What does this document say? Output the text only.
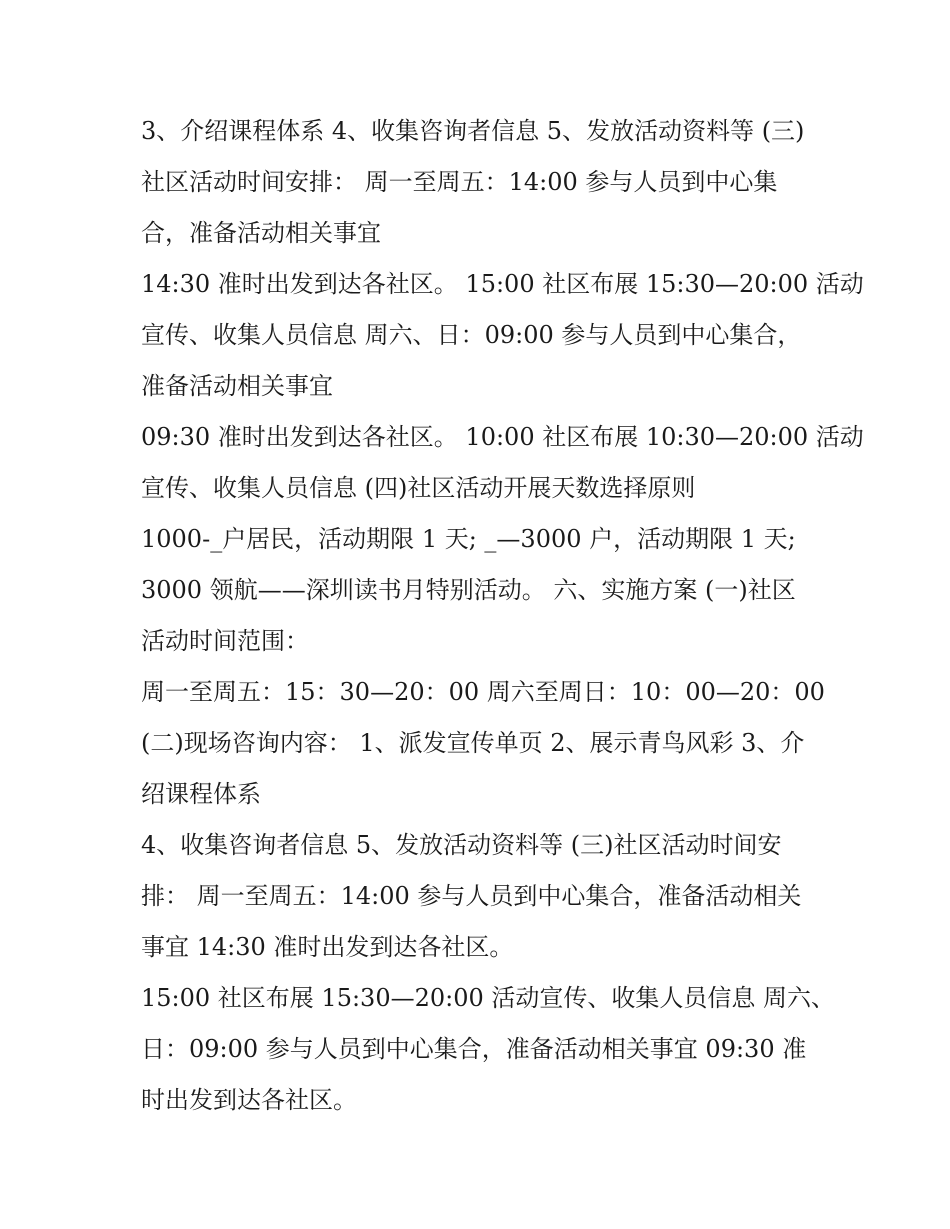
3、介绍课程体系 4、收集咨询者信息 5、发放活动资料等 (三)
社区活动时间安排： 周一至周五：14:00 参与人员到中心集
合，准备活动相关事宜
14:30 准时出发到达各社区。 15:00 社区布展 15:30—20:00 活动
宣传、收集人员信息 周六、日：09:00 参与人员到中心集合，
准备活动相关事宜
09:30 准时出发到达各社区。 10:00 社区布展 10:30—20:00 活动
宣传、收集人员信息 (四)社区活动开展天数选择原则
1000-_户居民，活动期限 1 天; _—3000 户，活动期限 1 天;
3000 领航——深圳读书月特别活动。 六、实施方案 (一)社区
活动时间范围：
周一至周五：15：30—20：00 周六至周日：10：00—20：00
(二)现场咨询内容： 1、派发宣传单页 2、展示青鸟风彩 3、介
绍课程体系
4、收集咨询者信息 5、发放活动资料等 (三)社区活动时间安
排： 周一至周五：14:00 参与人员到中心集合，准备活动相关
事宜 14:30 准时出发到达各社区。
15:00 社区布展 15:30—20:00 活动宣传、收集人员信息 周六、
日：09:00 参与人员到中心集合，准备活动相关事宜 09:30 准
时出发到达各社区。
